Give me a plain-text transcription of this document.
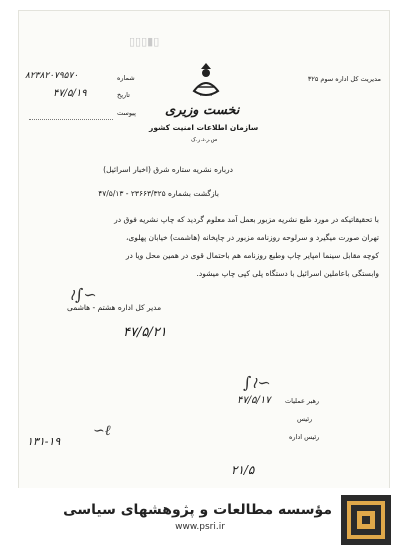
▯▯▯▮▯
مدیریت کل اداره سوم ۳۲۵
نخست وزیری
سازمان اطلاعات امنیت کشور
س.ر.د.ر.ک
شماره
۸۲۳۸۲۰۷۹۵۷۰
تاریخ
۴۷/۵/۱۹
پیوست
درباره نشریه ستاره شرق (اخبار اسرائیل)
بازگشت بشماره ۲۳۶۶۳/۳۲۵ - ۴۷/۵/۱۳
با تحقیقاتیکه در مورد طبع نشریه مزبور بعمل آمد معلوم گردید که چاپ نشریه فوق در
تهران صورت میگیرد و سرلوحه روزنامه مزبور در چاپخانه (هاشمت) خیابان پهلوی،
کوچه مقابل سینما امپایر چاپ وطبع روزنامه هم باحتمال قوی در همین محل ویا در
وابستگی باعاملین اسرائیل با دستگاه پلی کپی چاپ میشود.
مدیر کل اداره هشتم - هاشمی
≀∫∽
۴۷/۵/۲۱
∫≀∽
رهبر عملیات
۴۷/۵/۱۷
رئیس
رئیس اداره
۱۳۱-۱۹
∽ℓ
۲۱/۵
مؤسسه مطالعات و پژوهشهای سیاسی
www.psri.ir
